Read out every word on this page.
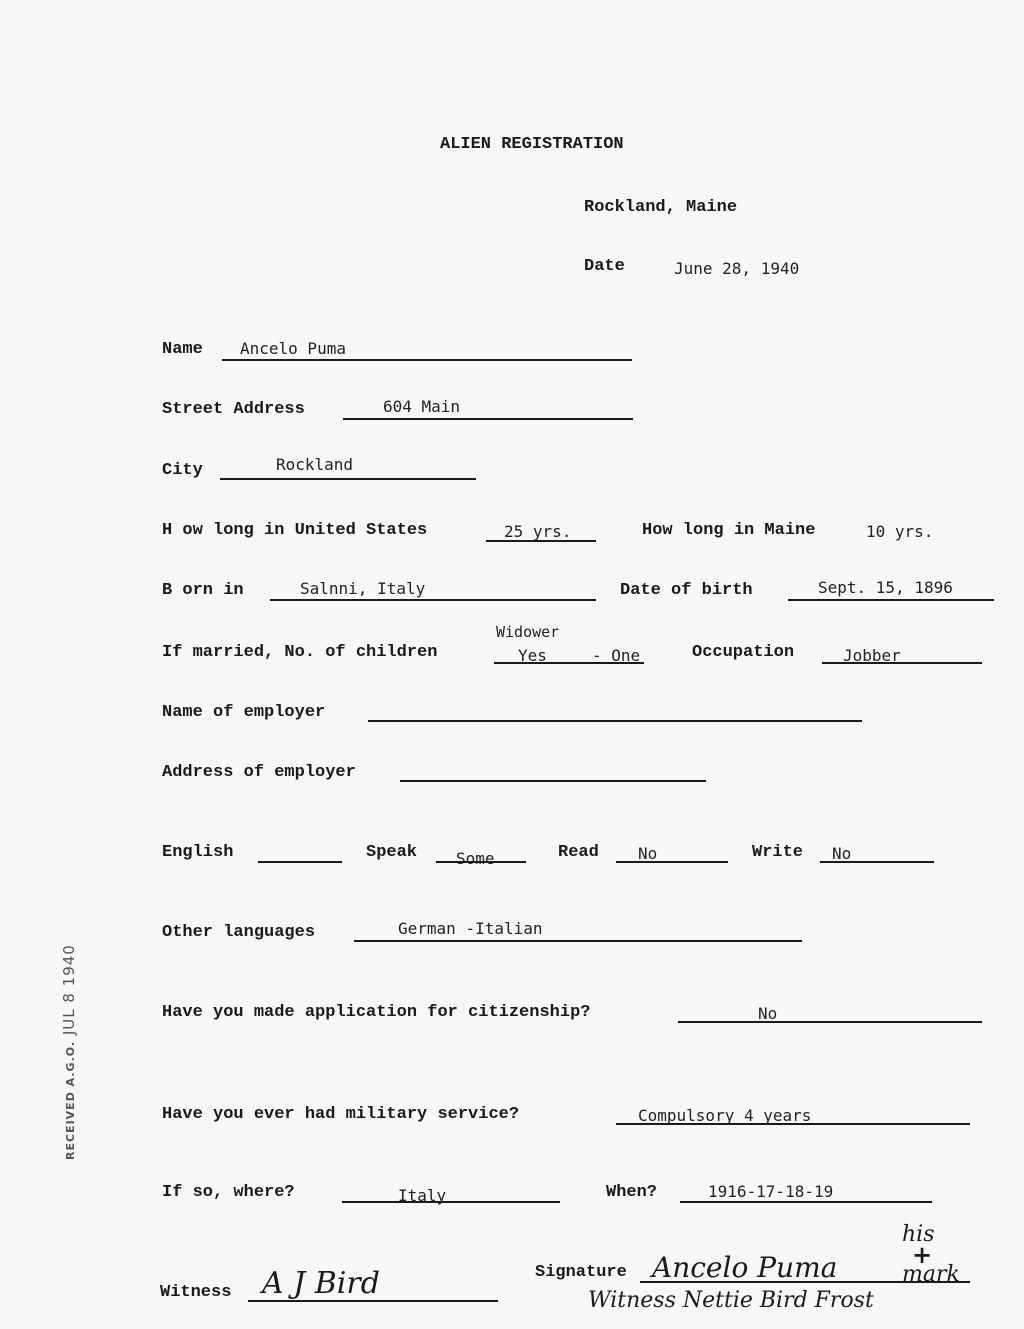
ALIEN REGISTRATION
Rockland, Maine
Date	June 28, 1940
Name Ancelo Puma
Street Address	604 Main
City	Rockland
H ow long in United States	25 yrs.	How long in Maine	10 yrs.
B orn in	Salnni, Italy	Date of birth	Sept. 15, 1896
Widower
If married, No. of children	Yes	- One	Occupation	Jobber
Name of employer
Address of employer
English	Speak Some	Read No	Write No
Other languages	German -Italian
Have you made application for citizenship?	No
Have you ever had military service?	Compulsory 4 years
If so, where?	Italy	When?	1916-17-18-19
Witness A J Bird	Signature Ancelo Puma
his
+
mark
Witness Nettie Bird Frost
RECEIVED A.G.O. JUL 8 1940
